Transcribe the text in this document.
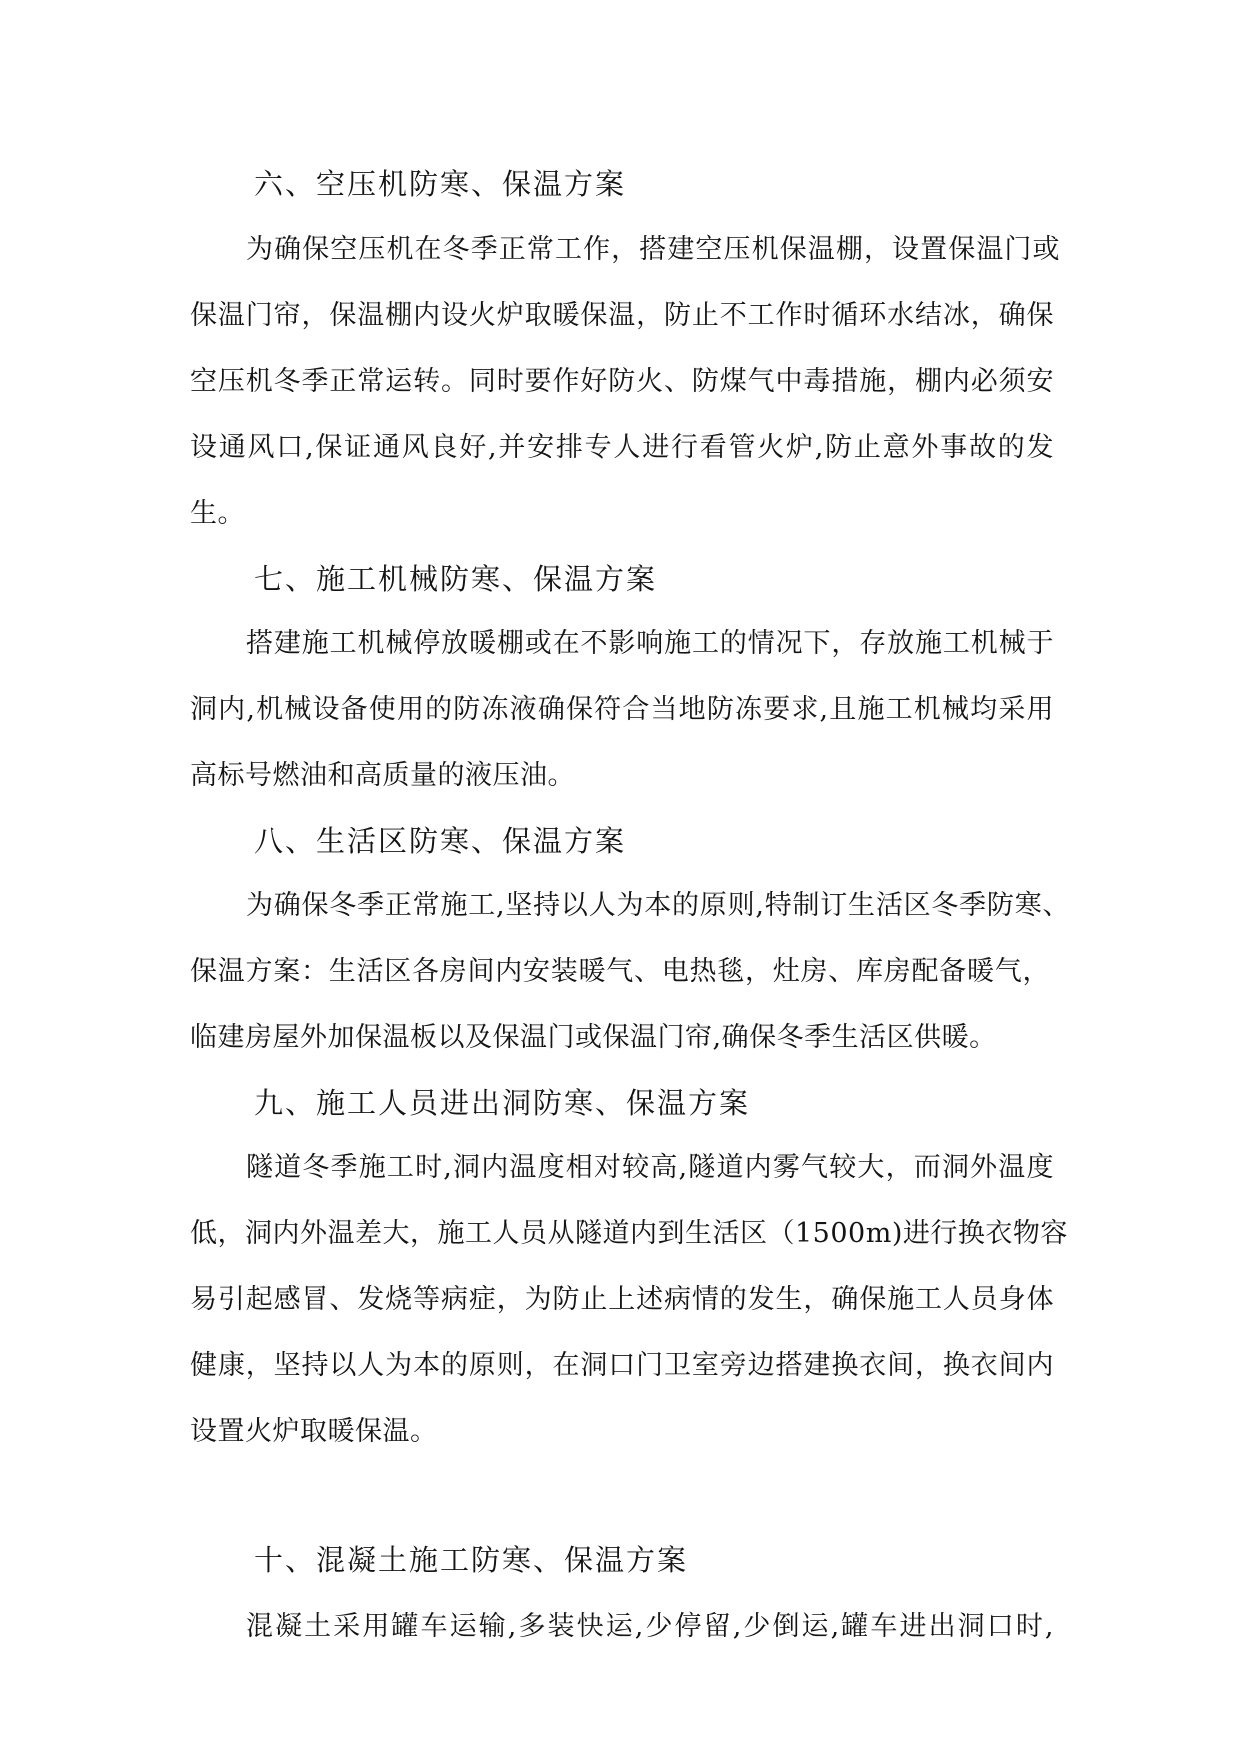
六、空压机防寒、保温方案
为确保空压机在冬季正常工作，搭建空压机保温棚，设置保温门或
保温门帘，保温棚内设火炉取暖保温，防止不工作时循环水结冰，确保
空压机冬季正常运转。同时要作好防火、防煤气中毒措施，棚内必须安
设通风口,保证通风良好,并安排专人进行看管火炉,防止意外事故的发
生。
七、施工机械防寒、保温方案
搭建施工机械停放暖棚或在不影响施工的情况下，存放施工机械于
洞内,机械设备使用的防冻液确保符合当地防冻要求,且施工机械均采用
高标号燃油和高质量的液压油。
八、生活区防寒、保温方案
为确保冬季正常施工,坚持以人为本的原则,特制订生活区冬季防寒、
保温方案：生活区各房间内安装暖气、电热毯，灶房、库房配备暖气，
临建房屋外加保温板以及保温门或保温门帘,确保冬季生活区供暖。
九、施工人员进出洞防寒、保温方案
隧道冬季施工时,洞内温度相对较高,隧道内雾气较大，而洞外温度
低，洞内外温差大，施工人员从隧道内到生活区（1500m)进行换衣物容
易引起感冒、发烧等病症，为防止上述病情的发生，确保施工人员身体
健康，坚持以人为本的原则，在洞口门卫室旁边搭建换衣间，换衣间内
设置火炉取暖保温。
十、混凝土施工防寒、保温方案
混凝土采用罐车运输,多装快运,少停留,少倒运,罐车进出洞口时,
